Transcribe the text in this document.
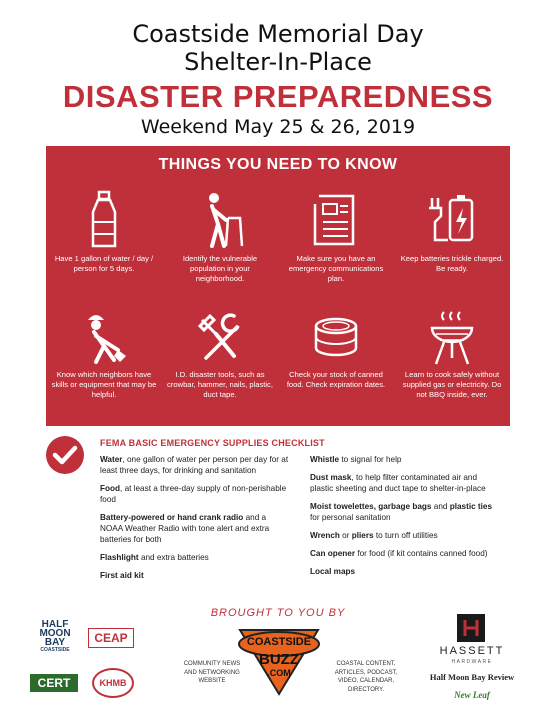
Coastside Memorial Day
Shelter-In-Place
DISASTER PREPAREDNESS
Weekend May 25 & 26, 2019
THINGS YOU NEED TO KNOW
Have 1 gallon of water / day / person for 5 days.
Identify the vulnerable population in your neighborhood.
Make sure you have an emergency communications plan.
Keep batteries trickle charged. Be ready.
Know which neighbors have skills or equipment that may be helpful.
I.D. disaster tools, such as crowbar, hammer, nails, plastic, duct tape.
Check your stock of canned food. Check expiration dates.
Learn to cook safely without supplied gas or electricity. Do not BBQ inside, ever.
FEMA BASIC EMERGENCY SUPPLIES CHECKLIST

Water, one gallon of water per person per day for at least three days, for drinking and sanitation

Food, at least a three-day supply of non-perishable food

Battery-powered or hand crank radio and a NOAA Weather Radio with tone alert and extra batteries for both

Flashlight and extra batteries

First aid kit

Whistle to signal for help

Dust mask, to help filter contaminated air and plastic sheeting and duct tape to shelter-in-place

Moist towelettes, garbage bags and plastic ties for personal sanitation

Wrench or pliers to turn off utilities

Can opener for food (if kit contains canned food)

Local maps

BROUGHT TO YOU BY
HALF
MOON
BAY
COASTSIDE
CEAP
CERT	KHMB
COMMUNITY NEWS AND NETWORKING WEBSITE
COASTSIDE
BUZZ
.COM
COASTAL CONTENT, ARTICLES, PODCAST, VIDEO, CALENDAR, DIRECTORY.
HASSETT
HARDWARE
Half Moon Bay Review
New Leaf
